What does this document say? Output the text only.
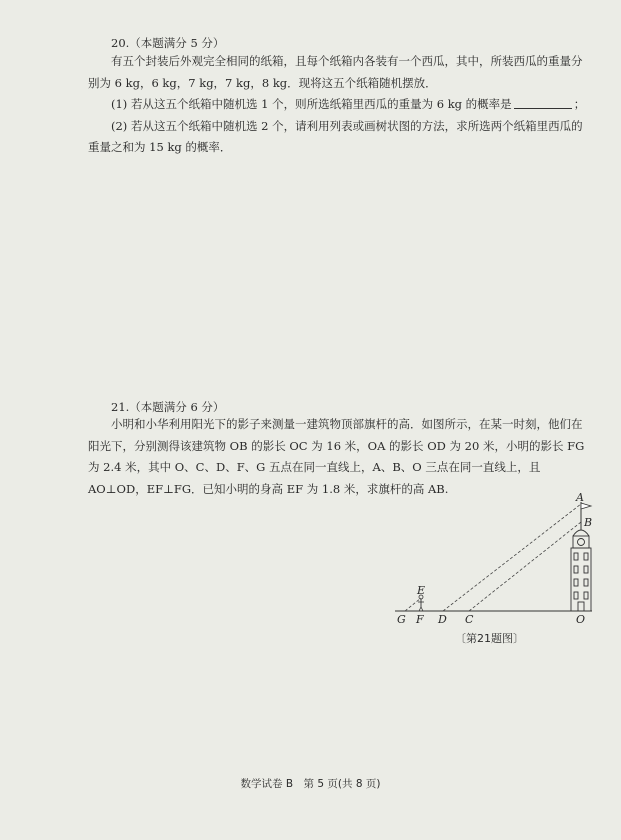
20.（本题满分 5 分）

有五个封装后外观完全相同的纸箱，且每个纸箱内各装有一个西瓜，其中，所装西瓜的重量分别为 6 kg，6 kg，7 kg，7 kg，8 kg．现将这五个纸箱随机摆放．

(1) 若从这五个纸箱中随机选 1 个，则所选纸箱里西瓜的重量为 6 kg 的概率是	；

(2) 若从这五个纸箱中随机选 2 个，请利用列表或画树状图的方法，求所选两个纸箱里西瓜的重量之和为 15 kg 的概率．

21.（本题满分 6 分）

小明和小华利用阳光下的影子来测量一建筑物顶部旗杆的高．如图所示，在某一时刻，他们在阳光下，分别测得该建筑物 OB 的影长 OC 为 16 米，OA 的影长 OD 为 20 米，小明的影长 FG 为 2.4 米，其中 O、C、D、F、G 五点在同一直线上，A、B、O 三点在同一直线上，且 AO⊥OD，EF⊥FG．已知小明的身高 EF 为 1.8 米，求旗杆的高 AB.

A
B
E
G F D C	O
〔第21题图〕
数学试卷 B　第 5 页(共 8 页)
